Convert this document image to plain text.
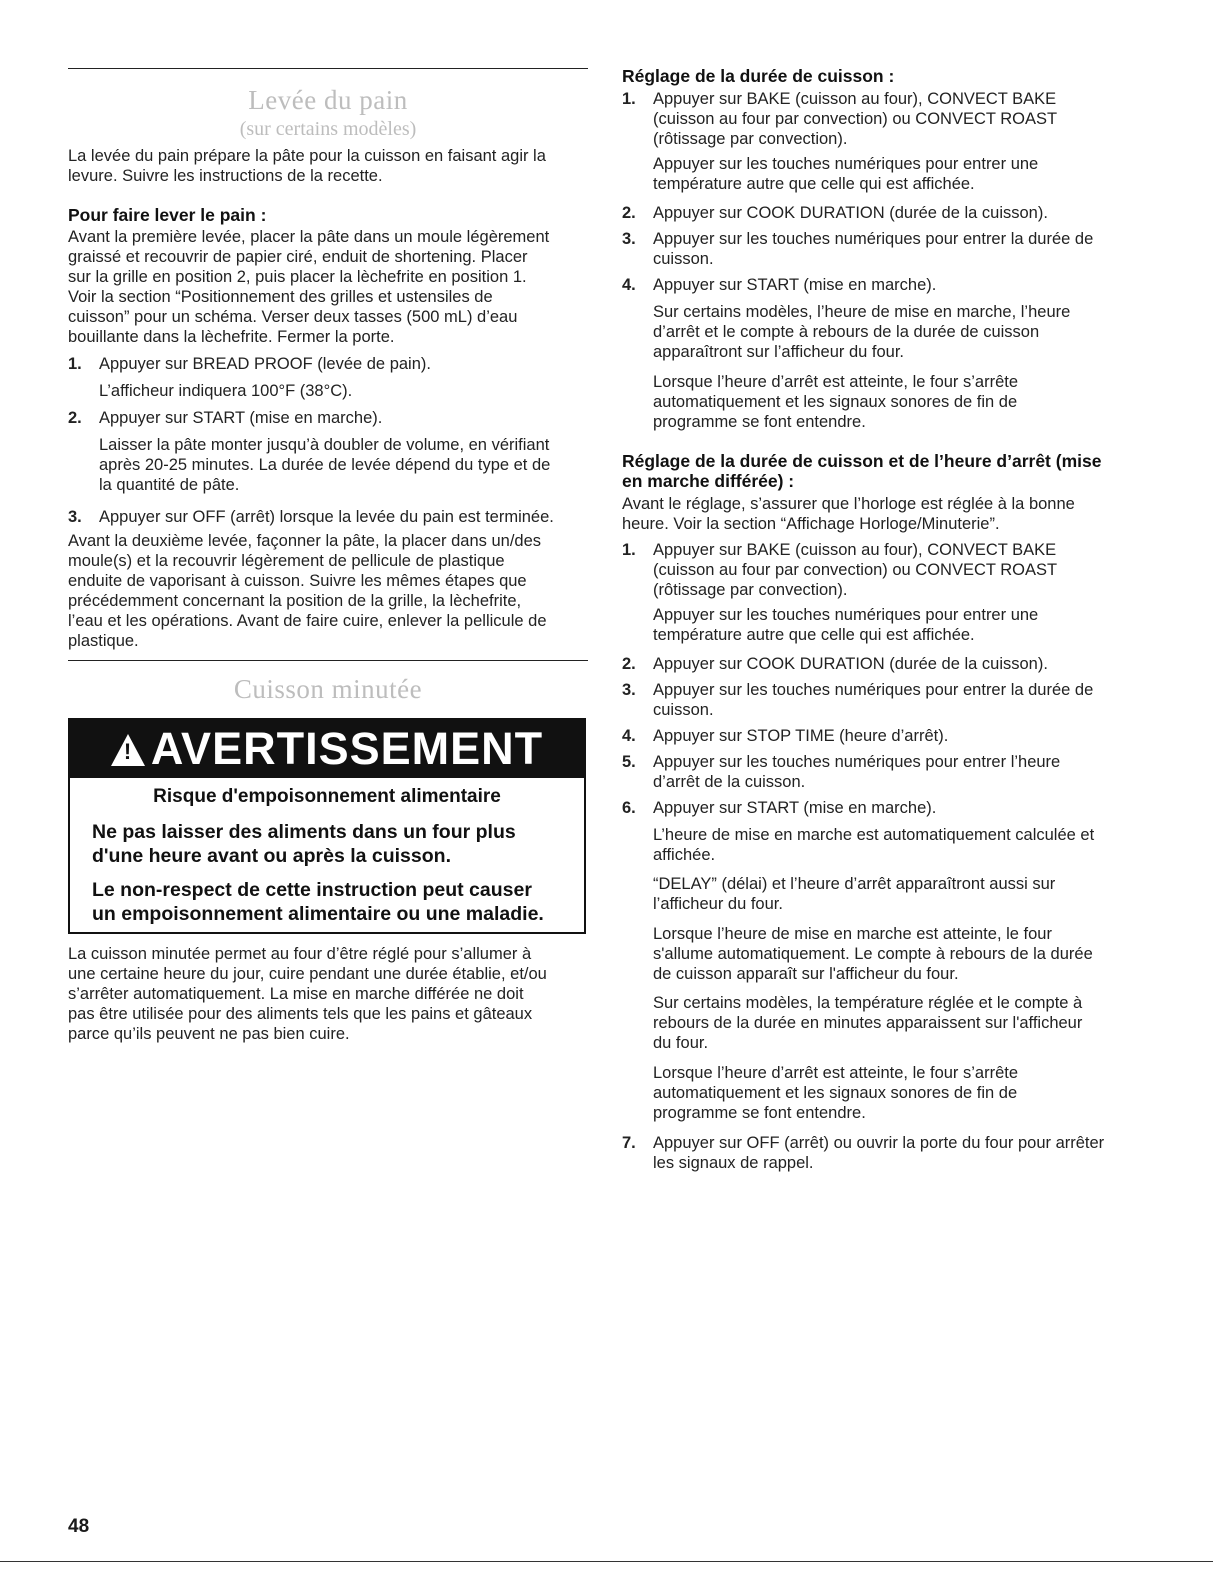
Levée du pain
(sur certains modèles)
La levée du pain prépare la pâte pour la cuisson en faisant agir la
levure. Suivre les instructions de la recette.
Pour faire lever le pain :
Avant la première levée, placer la pâte dans un moule légèrement
graissé et recouvrir de papier ciré, enduit de shortening. Placer
sur la grille en position 2, puis placer la lèchefrite en position 1.
Voir la section “Positionnement des grilles et ustensiles de
cuisson” pour un schéma. Verser deux tasses (500 mL) d’eau
bouillante dans la lèchefrite. Fermer la porte.
1. Appuyer sur BREAD PROOF (levée de pain).
L’afficheur indiquera 100°F (38°C).
2. Appuyer sur START (mise en marche).
Laisser la pâte monter jusqu’à doubler de volume, en vérifiant
après 20-25 minutes. La durée de levée dépend du type et de
la quantité de pâte.
3. Appuyer sur OFF (arrêt) lorsque la levée du pain est terminée.
Avant la deuxième levée, façonner la pâte, la placer dans un/des
moule(s) et la recouvrir légèrement de pellicule de plastique
enduite de vaporisant à cuisson. Suivre les mêmes étapes que
précédemment concernant la position de la grille, la lèchefrite,
l’eau et les opérations. Avant de faire cuire, enlever la pellicule de
plastique.
Cuisson minutée
!AVERTISSEMENT
Risque d'empoisonnement alimentaire
Ne pas laisser des aliments dans un four plus
d'une heure avant ou après la cuisson.
Le non-respect de cette instruction peut causer
un empoisonnement alimentaire ou une maladie.
La cuisson minutée permet au four d’être réglé pour s’allumer à
une certaine heure du jour, cuire pendant une durée établie, et/ou
s’arrêter automatiquement. La mise en marche différée ne doit
pas être utilisée pour des aliments tels que les pains et gâteaux
parce qu’ils peuvent ne pas bien cuire.
Réglage de la durée de cuisson :
1. Appuyer sur BAKE (cuisson au four), CONVECT BAKE
(cuisson au four par convection) ou CONVECT ROAST
(rôtissage par convection).
Appuyer sur les touches numériques pour entrer une
température autre que celle qui est affichée.
2. Appuyer sur COOK DURATION (durée de la cuisson).
3. Appuyer sur les touches numériques pour entrer la durée de
cuisson.
4. Appuyer sur START (mise en marche).
Sur certains modèles, l’heure de mise en marche, l’heure
d’arrêt et le compte à rebours de la durée de cuisson
apparaîtront sur l’afficheur du four.
Lorsque l’heure d’arrêt est atteinte, le four s’arrête
automatiquement et les signaux sonores de fin de
programme se font entendre.
Réglage de la durée de cuisson et de l’heure d’arrêt (mise
en marche différée) :
Avant le réglage, s’assurer que l’horloge est réglée à la bonne
heure. Voir la section “Affichage Horloge/Minuterie”.
1. Appuyer sur BAKE (cuisson au four), CONVECT BAKE
(cuisson au four par convection) ou CONVECT ROAST
(rôtissage par convection).
Appuyer sur les touches numériques pour entrer une
température autre que celle qui est affichée.
2. Appuyer sur COOK DURATION (durée de la cuisson).
3. Appuyer sur les touches numériques pour entrer la durée de
cuisson.
4. Appuyer sur STOP TIME (heure d’arrêt).
5. Appuyer sur les touches numériques pour entrer l’heure
d’arrêt de la cuisson.
6. Appuyer sur START (mise en marche).
L’heure de mise en marche est automatiquement calculée et
affichée.
“DELAY” (délai) et l’heure d’arrêt apparaîtront aussi sur
l’afficheur du four.
Lorsque l’heure de mise en marche est atteinte, le four
s'allume automatiquement. Le compte à rebours de la durée
de cuisson apparaît sur l'afficheur du four.
Sur certains modèles, la température réglée et le compte à
rebours de la durée en minutes apparaissent sur l'afficheur
du four.
Lorsque l’heure d’arrêt est atteinte, le four s’arrête
automatiquement et les signaux sonores de fin de
programme se font entendre.
7. Appuyer sur OFF (arrêt) ou ouvrir la porte du four pour arrêter
les signaux de rappel.
48
